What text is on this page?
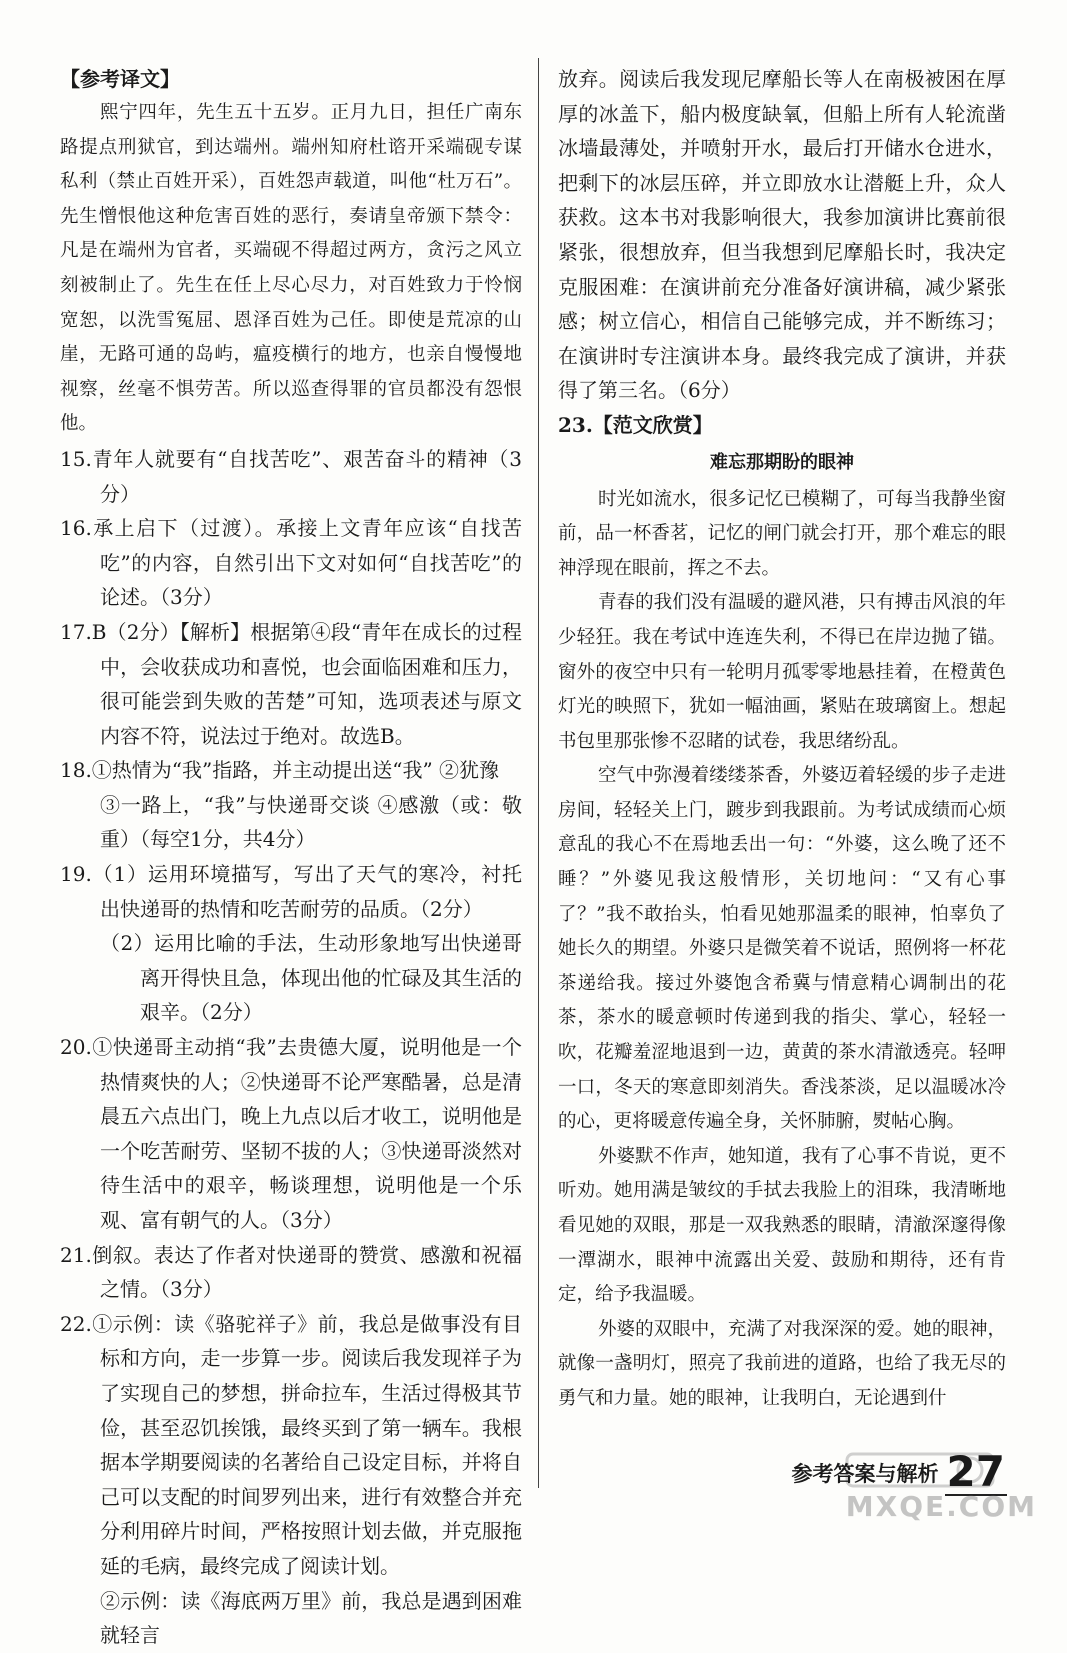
【参考译文】

熙宁四年，先生五十五岁。正月九日，担任广南东路提点刑狱官，到达端州。端州知府杜谘开采端砚专谋私利（禁止百姓开采），百姓怨声载道，叫他“杜万石”。先生憎恨他这种危害百姓的恶行，奏请皇帝颁下禁令：凡是在端州为官者，买端砚不得超过两方，贪污之风立刻被制止了。先生在任上尽心尽力，对百姓致力于怜悯宽恕，以洗雪冤屈、恩泽百姓为己任。即使是荒凉的山崖，无路可通的岛屿，瘟疫横行的地方，也亲自慢慢地视察，丝毫不惧劳苦。所以巡查得罪的官员都没有怨恨他。

15.青年人就要有“自找苦吃”、艰苦奋斗的精神（3分）

16.承上启下（过渡）。承接上文青年应该“自找苦吃”的内容，自然引出下文对如何“自找苦吃”的论述。（3分）

17.B（2分）【解析】根据第④段“青年在成长的过程中，会收获成功和喜悦，也会面临困难和压力，很可能尝到失败的苦楚”可知，选项表述与原文内容不符，说法过于绝对。故选B。

18.①热情为“我”指路，并主动提出送“我” ②犹豫

③一路上，“我”与快递哥交谈 ④感激（或：敬重）（每空1分，共4分）

19.（1）运用环境描写，写出了天气的寒冷，衬托出快递哥的热情和吃苦耐劳的品质。（2分）

（2）运用比喻的手法，生动形象地写出快递哥离开得快且急，体现出他的忙碌及其生活的艰辛。（2分）

20.①快递哥主动捎“我”去贵德大厦，说明他是一个热情爽快的人；②快递哥不论严寒酷暑，总是清晨五六点出门，晚上九点以后才收工，说明他是一个吃苦耐劳、坚韧不拔的人；③快递哥淡然对待生活中的艰辛，畅谈理想，说明他是一个乐观、富有朝气的人。（3分）

21.倒叙。表达了作者对快递哥的赞赏、感激和祝福之情。（3分）

22.①示例：读《骆驼祥子》前，我总是做事没有目标和方向，走一步算一步。阅读后我发现祥子为了实现自己的梦想，拼命拉车，生活过得极其节俭，甚至忍饥挨饿，最终买到了第一辆车。我根据本学期要阅读的名著给自己设定目标，并将自己可以支配的时间罗列出来，进行有效整合并充分利用碎片时间，严格按照计划去做，并克服拖延的毛病，最终完成了阅读计划。

②示例：读《海底两万里》前，我总是遇到困难就轻言

放弃。阅读后我发现尼摩船长等人在南极被困在厚厚的冰盖下，船内极度缺氧，但船上所有人轮流凿冰墙最薄处，并喷射开水，最后打开储水仓进水，把剩下的冰层压碎，并立即放水让潜艇上升，众人获救。这本书对我影响很大，我参加演讲比赛前很紧张，很想放弃，但当我想到尼摩船长时，我决定克服困难：在演讲前充分准备好演讲稿，减少紧张感；树立信心，相信自己能够完成，并不断练习；在演讲时专注演讲本身。最终我完成了演讲，并获得了第三名。（6分）

23.【范文欣赏】

难忘那期盼的眼神

时光如流水，很多记忆已模糊了，可每当我静坐窗前，品一杯香茗，记忆的闸门就会打开，那个难忘的眼神浮现在眼前，挥之不去。

青春的我们没有温暖的避风港，只有搏击风浪的年少轻狂。我在考试中连连失利，不得已在岸边抛了锚。窗外的夜空中只有一轮明月孤零零地悬挂着，在橙黄色灯光的映照下，犹如一幅油画，紧贴在玻璃窗上。想起书包里那张惨不忍睹的试卷，我思绪纷乱。

空气中弥漫着缕缕茶香，外婆迈着轻缓的步子走进房间，轻轻关上门，踱步到我跟前。为考试成绩而心烦意乱的我心不在焉地丢出一句：“外婆，这么晚了还不睡？”外婆见我这般情形，关切地问：“又有心事了？”我不敢抬头，怕看见她那温柔的眼神，怕辜负了她长久的期望。外婆只是微笑着不说话，照例将一杯花茶递给我。接过外婆饱含希冀与情意精心调制出的花茶，茶水的暖意顿时传递到我的指尖、掌心，轻轻一吹，花瓣羞涩地退到一边，黄黄的茶水清澈透亮。轻呷一口，冬天的寒意即刻消失。香浅茶淡，足以温暖冰冷的心，更将暖意传遍全身，关怀肺腑，熨帖心胸。

外婆默不作声，她知道，我有了心事不肯说，更不听劝。她用满是皱纹的手拭去我脸上的泪珠，我清晰地看见她的双眼，那是一双我熟悉的眼睛，清澈深邃得像一潭湖水，眼神中流露出关爱、鼓励和期待，还有肯定，给予我温暖。

外婆的双眼中，充满了对我深深的爱。她的眼神，就像一盏明灯，照亮了我前进的道路，也给了我无尽的勇气和力量。她的眼神，让我明白，无论遇到什

参考答案与解析 27
MXQE.COM
